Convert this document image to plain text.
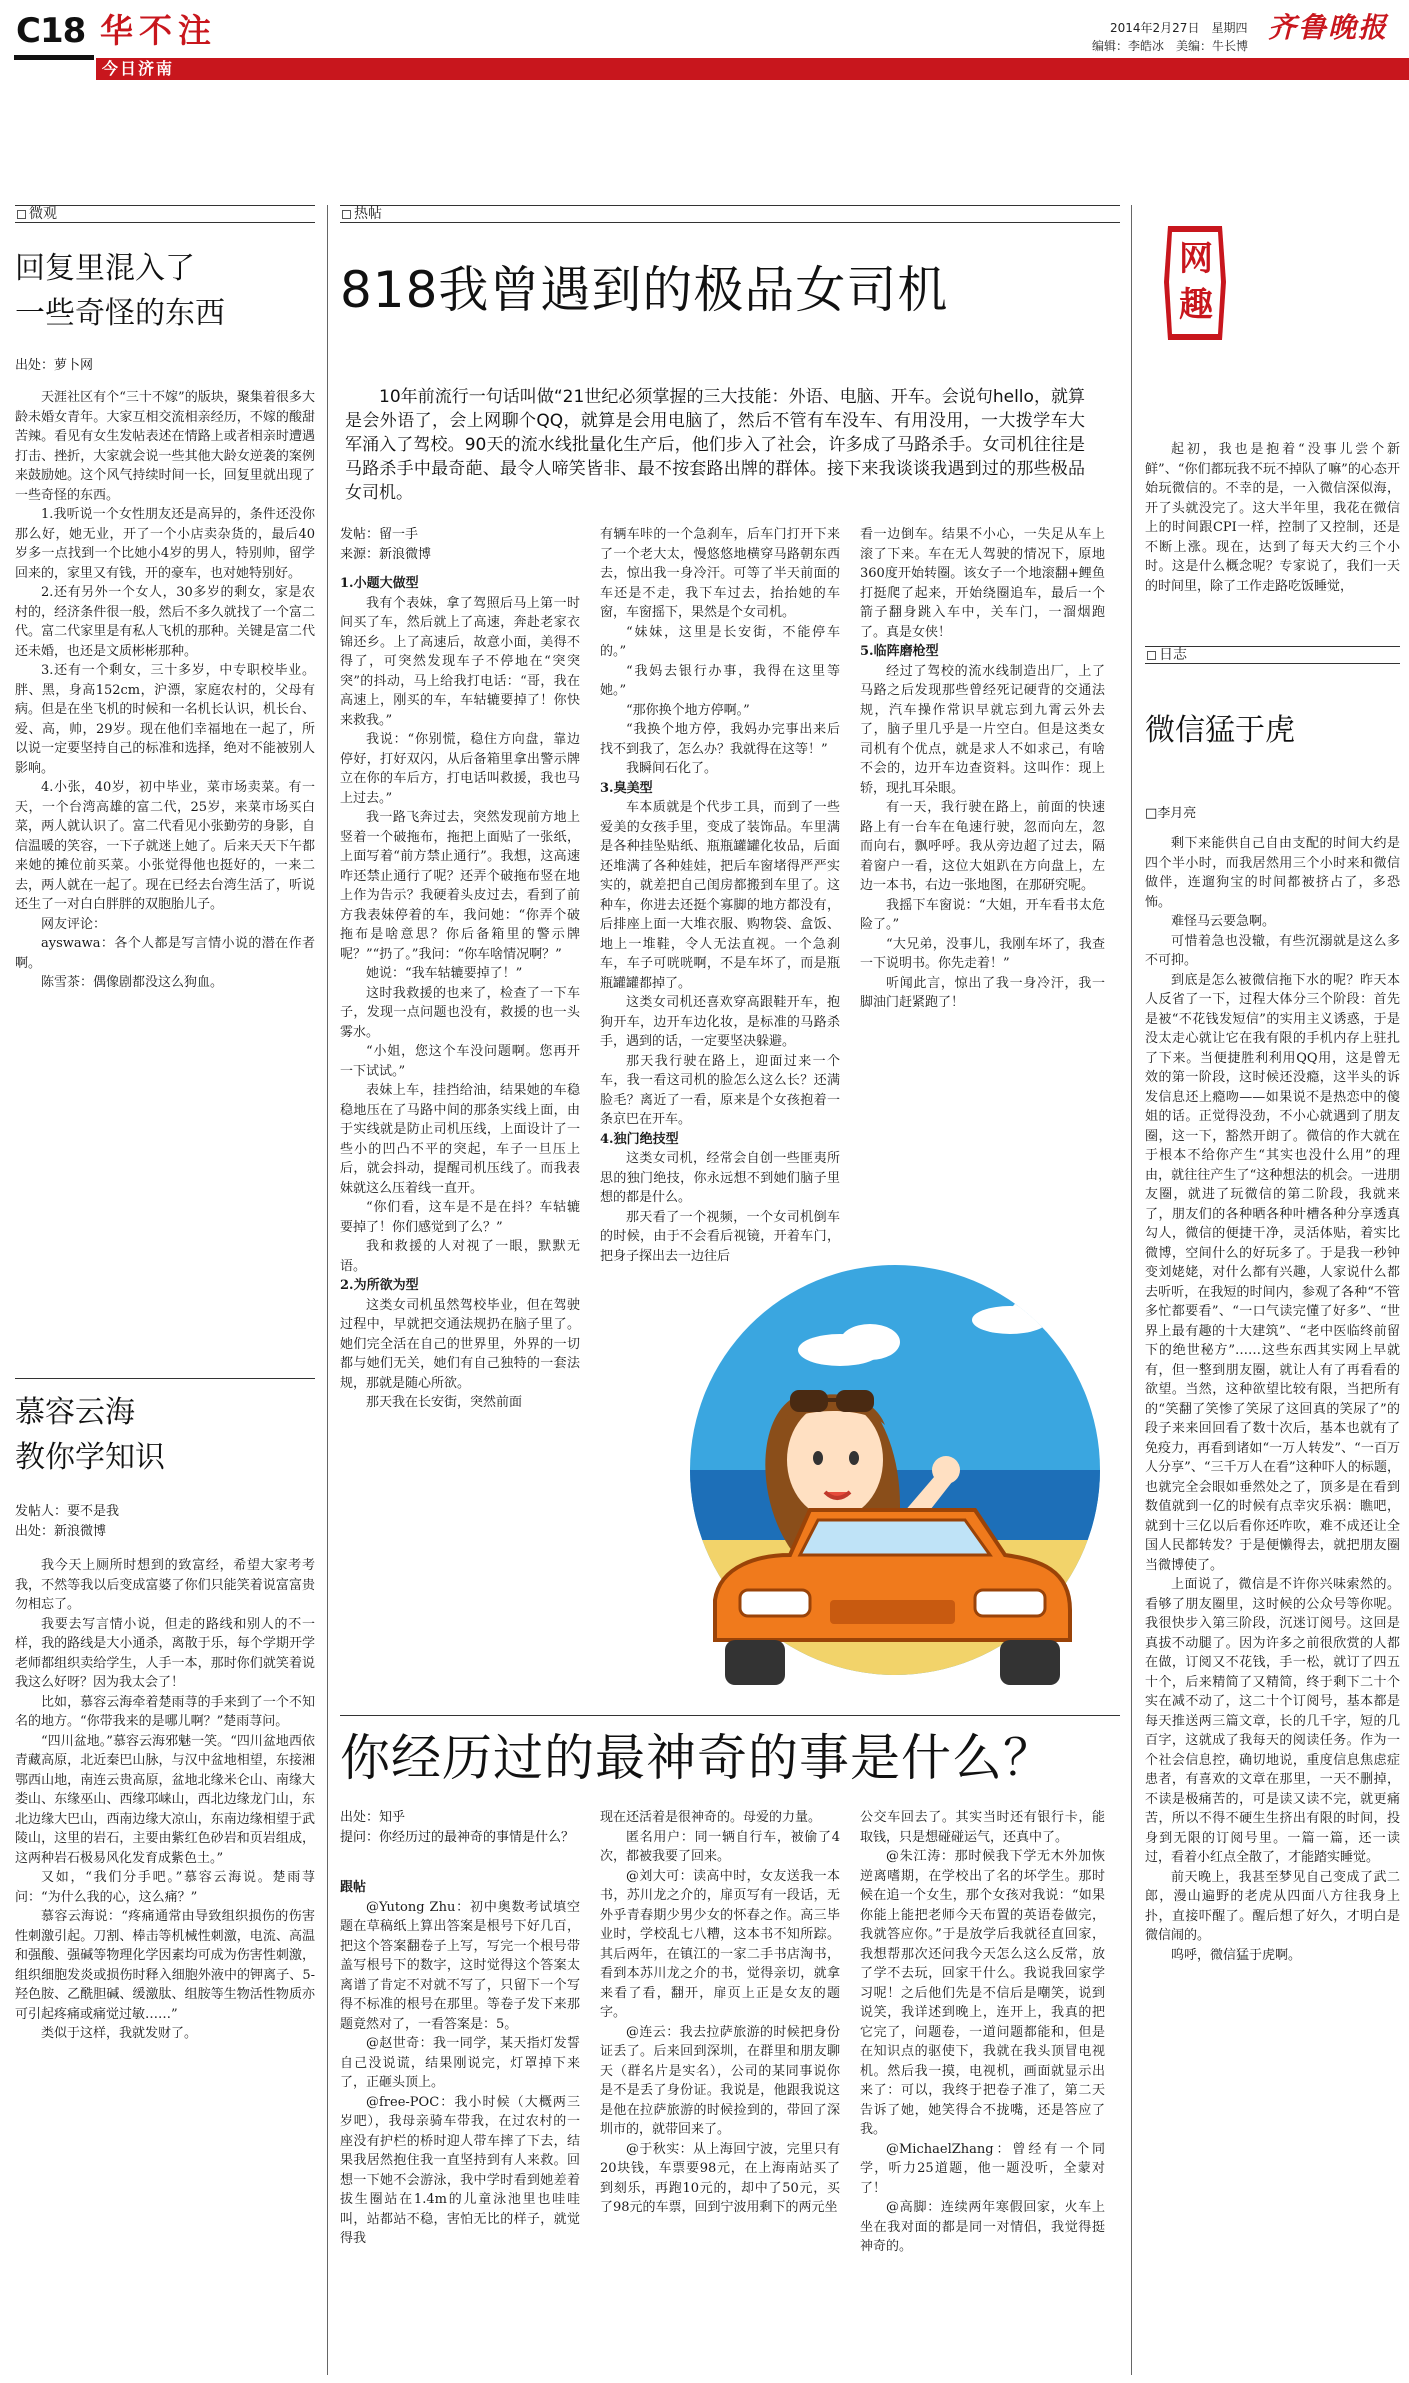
C18 华不注
今日济南
2014年2月27日　星期四
编辑：李皓冰　美编：牛长博
齐鲁晚报
微观
回复里混入了
一些奇怪的东西
出处：萝卜网

天涯社区有个“三十不嫁”的版块，聚集着很多大龄未婚女青年。大家互相交流相亲经历，不嫁的酸甜苦辣。看见有女生发帖表述在情路上或者相亲时遭遇打击、挫折，大家就会说一些其他大龄女逆袭的案例来鼓励她。这个风气持续时间一长，回复里就出现了一些奇怪的东西。

1.我听说一个女性朋友还是高异的，条件还没你那么好，她无业，开了一个小店卖杂货的，最后40岁多一点找到一个比她小4岁的男人，特别帅，留学回来的，家里又有钱，开的豪车，也对她特别好。

2.还有另外一个女人，30多岁的剩女，家是农村的，经济条件很一般，然后不多久就找了一个富二代。富二代家里是有私人飞机的那种。关键是富二代还未婚，也还是文质彬彬那种。

3.还有一个剩女，三十多岁，中专职校毕业。胖、黑，身高152cm，沪漂，家庭农村的，父母有病。但是在坐飞机的时候和一名机长认识，机长台、爱、高，帅，29岁。现在他们幸福地在一起了，所以说一定要坚持自己的标准和选择，绝对不能被别人影响。

4.小张，40岁，初中毕业，菜市场卖菜。有一天，一个台湾高雄的富二代，25岁，来菜市场买白菜，两人就认识了。富二代看见小张勤劳的身影，自信温暖的笑容，一下子就迷上她了。后来天天下午都来她的摊位前买菜。小张觉得他也挺好的，一来二去，两人就在一起了。现在已经去台湾生活了，听说还生了一对白白胖胖的双胞胎儿子。

网友评论：

ayswawa：各个人都是写言情小说的潜在作者啊。

陈雪茶：偶像剧都没这么狗血。

慕容云海
教你学知识
发帖人：要不是我
出处：新浪微博

我今天上厕所时想到的致富经，希望大家考考我，不然等我以后变成富婆了你们只能笑着说富富贵勿相忘了。

我要去写言情小说，但走的路线和别人的不一样，我的路线是大小通杀，离散于乐，每个学期开学老师都组织卖给学生，人手一本，那时你们就笑着说我这么好呀？因为我太会了！

比如，慕容云海牵着楚雨荨的手来到了一个不知名的地方。“你带我来的是哪儿啊？”楚雨荨问。

“四川盆地。”慕容云海邪魅一笑。“四川盆地西依青藏高原，北近秦巴山脉，与汉中盆地相望，东接湘鄂西山地，南连云贵高原，盆地北缘米仑山、南缘大娄山、东缘巫山、西缘邛崃山，西北边缘龙门山，东北边缘大巴山，西南边缘大凉山，东南边缘相望于武陵山，这里的岩石，主要由紫红色砂岩和页岩组成，这两种岩石极易风化发育成紫色土。”

又如，“我们分手吧。”慕容云海说。楚雨荨问：“为什么我的心，这么痛？”

慕容云海说：“疼痛通常由导致组织损伤的伤害性刺激引起。刀割、棒击等机械性刺激，电流、高温和强酸、强碱等物理化学因素均可成为伤害性刺激，组织细胞发炎或损伤时释入细胞外液中的钾离子、5-羟色胺、乙酰胆碱、缓激肽、组胺等生物活性物质亦可引起疼痛或痛觉过敏……”

类似于这样，我就发财了。

热帖
818我曾遇到的极品女司机

10年前流行一句话叫做“21世纪必须掌握的三大技能：外语、电脑、开车。会说句hello，就算是会外语了，会上网聊个QQ，就算是会用电脑了，然后不管有车没车、有用没用，一大拨学车大军涌入了驾校。90天的流水线批量化生产后，他们步入了社会，许多成了马路杀手。女司机往往是马路杀手中最奇葩、最令人啼笑皆非、最不按套路出牌的群体。接下来我谈谈我遇到过的那些极品女司机。

发帖：留一手
来源：新浪微博

1.小题大做型

我有个表妹，拿了驾照后马上第一时间买了车，然后就上了高速，奔赴老家衣锦还乡。上了高速后，故意小面，美得不得了，可突然发现车子不停地在“突突突”的抖动，马上给我打电话：“哥，我在高速上，刚买的车，车轱辘要掉了！你快来救我。”

我说：“你别慌，稳住方向盘，靠边停好，打好双闪，从后备箱里拿出警示牌立在你的车后方，打电话叫救援，我也马上过去。”

我一路飞奔过去，突然发现前方地上竖着一个破拖布，拖把上面贴了一张纸，上面写着“前方禁止通行”。我想，这高速咋还禁止通行了呢？还弄个破拖布竖在地上作为告示？我硬着头皮过去，看到了前方我表妹停着的车，我问她：“你弄个破拖布是啥意思？你后备箱里的警示牌呢？”“扔了。”我问：“你车啥情况啊？”

她说：“我车轱辘要掉了！”

这时我救援的也来了，检查了一下车子，发现一点问题也没有，救援的也一头雾水。

“小姐，您这个车没问题啊。您再开一下试试。”

表妹上车，挂挡给油，结果她的车稳稳地压在了马路中间的那条实线上面，由于实线就是防止司机压线，上面设计了一些小的凹凸不平的突起，车子一旦压上后，就会抖动，提醒司机压线了。而我表妹就这么压着线一直开。

“你们看，这车是不是在抖？车轱辘要掉了！你们感觉到了么？”

我和救援的人对视了一眼，默默无语。

2.为所欲为型

这类女司机虽然驾校毕业，但在驾驶过程中，早就把交通法规扔在脑子里了。她们完全活在自己的世界里，外界的一切都与她们无关，她们有自己独特的一套法规，那就是随心所欲。

那天我在长安街，突然前面

有辆车咔的一个急刹车，后车门打开下来了一个老大太，慢悠悠地横穿马路朝东西去，惊出我一身冷汗。可等了半天前面的车还是不走，我下车过去，抬抬她的车窗，车窗摇下，果然是个女司机。

“妹妹，这里是长安街，不能停车的。”

“我妈去银行办事，我得在这里等她。”

“那你换个地方停啊。”

“我换个地方停，我妈办完事出来后找不到我了，怎么办？我就得在这等！”

我瞬间石化了。

3.臭美型

车本质就是个代步工具，而到了一些爱美的女孩手里，变成了装饰品。车里满是各种挂坠贴纸、瓶瓶罐罐化妆品，后面还堆满了各种娃娃，把后车窗堵得严严实实的，就差把自己闺房都搬到车里了。这种车，你进去还挺个寡脚的地方都没有，后排座上面一大堆衣服、购物袋、盒饭、地上一堆鞋，令人无法直视。一个急刹车，车子可咣咣啊，不是车坏了，而是瓶瓶罐罐都掉了。

这类女司机还喜欢穿高跟鞋开车，抱狗开车，边开车边化妆，是标准的马路杀手，遇到的话，一定要坚决躲避。

那天我行驶在路上，迎面过来一个车，我一看这司机的脸怎么这么长？还满脸毛？离近了一看，原来是个女孩抱着一条京巴在开车。

4.独门绝技型

这类女司机，经常会自创一些匪夷所思的独门绝技，你永远想不到她们脑子里想的都是什么。

那天看了一个视频，一个女司机倒车的时候，由于不会看后视镜，开着车门，把身子探出去一边往后

看一边倒车。结果不小心，一失足从车上滚了下来。车在无人驾驶的情况下，原地360度开始转圈。该女子一个地滚翻+鲤鱼打挺爬了起来，开始绕圈追车，最后一个箭子翻身跳入车中，关车门，一溜烟跑了。真是女侠！

5.临阵磨枪型

经过了驾校的流水线制造出厂，上了马路之后发现那些曾经死记硬背的交通法规，汽车操作常识早就忘到九霄云外去了，脑子里几乎是一片空白。但是这类女司机有个优点，就是求人不如求己，有啥不会的，边开车边查资料。这叫作：现上轿，现扎耳朵眼。

有一天，我行驶在路上，前面的快速路上有一台车在龟速行驶，忽而向左，忽而向右，飘呼呼。我从旁边超了过去，隔着窗户一看，这位大姐趴在方向盘上，左边一本书，右边一张地图，在那研究呢。

我摇下车窗说：“大姐，开车看书太危险了。”

“大兄弟，没事儿，我刚车坏了，我查一下说明书。你先走着！”

听闻此言，惊出了我一身冷汗，我一脚油门赶紧跑了！

你经历过的最神奇的事是什么？
出处：知乎
提问：你经历过的最神奇的事情是什么？

跟帖

@Yutong Zhu：初中奥数考试填空题在草稿纸上算出答案是根号下好几百，把这个答案翻卷子上写，写完一个根号带盖写根号下的数字，这时觉得这个答案太离谱了肯定不对就不写了，只留下一个写得不标准的根号在那里。等卷子发下来那题竟然对了，一看答案是：5。

@赵世奇：我一同学，某天指灯发誓自己没说谎，结果刚说完，灯罩掉下来了，正砸头顶上。

@free-POC：我小时候（大概两三岁吧），我母亲骑车带我，在过农村的一座没有护栏的桥时迎人带车摔了下去，结果我居然抱住我一直坚持到有人来救。回想一下她不会游泳，我中学时看到她差着拔生圈站在1.4m的儿童泳池里也哇哇叫，站都站不稳，害怕无比的样子，就觉得我

现在还活着是很神奇的。母爱的力量。

匿名用户：同一辆自行车，被偷了4次，都被我要了回来。

@刘大可：读高中时，女友送我一本书，苏川龙之介的，扉页写有一段话，无外乎青春期少男少女的怀春之作。高三毕业时，学校乱七八糟，这本书不知所踪。其后两年，在镇江的一家二手书店淘书，看到本苏川龙之介的书，觉得亲切，就拿来看了看，翻开，扉页上正是女友的题字。

@连云：我去拉萨旅游的时候把身份证丢了。后来回到深圳，在群里和朋友聊天（群名片是实名），公司的某同事说你是不是丢了身份证。我说是，他跟我说这是他在拉萨旅游的时候捡到的，带回了深圳市的，就带回来了。

@于秋实：从上海回宁波，完里只有20块钱，车票要98元，在上海南站买了到刻乐，再跑10元的，却中了50元，买了98元的车票，回到宁波用剩下的两元坐

公交车回去了。其实当时还有银行卡，能取钱，只是想碰碰运气，还真中了。

@朱江涛：那时候我下学无木外加恢逆离嗜期，在学校出了名的坏学生。那时候在追一个女生，那个女孩对我说：“如果你能上能把老师今天布置的英语卷做完，我就答应你。”于是放学后我就径直回家，我想帮那次还问我今天怎么这么反常，放了学不去玩，回家干什么。我说我回家学习呢！之后他们先是不信后是嘲笑，说到说笑，我详述到晚上，连开上，我真的把它完了，问题卷，一道问题都能和，但是在知识点的驱使下，我就在我头顶冒电视机。然后我一摸，电视机，画面就显示出来了：可以，我终于把卷子准了，第二天告诉了她，她笑得合不拢嘴，还是答应了我。

@MichaelZhang：曾经有一个同学，听力25道题，他一题没听，全蒙对了！

@高脚：连续两年寒假回家，火车上坐在我对面的都是同一对情侣，我觉得挺神奇的。

网趣

起初，我也是抱着“没事儿尝个新鲜”、“你们都玩我不玩不掉队了嘛”的心态开始玩微信的。不幸的是，一入微信深似海，开了头就没完了。这大半年里，我花在微信上的时间跟CPI一样，控制了又控制，还是不断上涨。现在，达到了每天大约三个小时。这是什么概念呢？专家说了，我们一天的时间里，除了工作走路吃饭睡觉，

日志
微信猛于虎
□李月亮

剩下来能供自己自由支配的时间大约是四个半小时，而我居然用三个小时来和微信做伴，连遛狗宝的时间都被挤占了，多恐怖。

难怪马云要急啊。

可惜着急也没辙，有些沉溺就是这么多不可抑。

到底是怎么被微信拖下水的呢？昨天本人反省了一下，过程大体分三个阶段：首先是被“不花钱发短信”的实用主义诱惑，于是没太走心就让它在我有限的手机内存上驻扎了下来。当便捷胜利利用QQ用，这是曾无效的第一阶段，这时候还没瘾，这半头的诉发信息还上瘾吻——如果说不是热恋中的傻姐的话。正觉得没劲，不小心就遇到了朋友圈，这一下，豁然开朗了。微信的作大就在于根本不给你产生“其实也没什么用”的理由，就往往产生了“这种想法的机会。一进朋友圈，就进了玩微信的第二阶段，我就来了，朋友们的各种晒各种叶槽各种分享透真勾人，微信的便捷干净，灵活体贴，着实比微博，空间什么的好玩多了。于是我一秒钟变刘姥姥，对什么都有兴趣，人家说什么都去听听，在我短的时间内，参观了各种“不管多忙都要看”、“一口气读完懂了好多”、“世界上最有趣的十大建筑”、“老中医临终前留下的绝世秘方”……这些东西其实网上早就有，但一整到朋友圈，就让人有了再看看的欲望。当然，这种欲望比较有限，当把所有的“笑翻了笑惨了笑尿了这回真的笑尿了”的段子来来回回看了数十次后，基本也就有了免疫力，再看到诸如“一万人转发”、“一百万人分享”、“三千万人在看”这种吓人的标题，也就完全会眼如垂然处之了，顶多是在看到数值就到一亿的时候有点幸灾乐祸：瞧吧，就到十三亿以后看你还咋吹，难不成还让全国人民都转发？于是便懒得去，就把朋友圈当微博使了。

上面说了，微信是不许你兴味索然的。看够了朋友圈里，这时候的公众号等你呢。我很快步入第三阶段，沉迷订阅号。这回是真拔不动腿了。因为许多之前很欣赏的人都在做，订阅又不花钱，手一松，就订了四五十个，后来精简了又精简，终于剩下二十个实在减不动了，这二十个订阅号，基本都是每天推送两三篇文章，长的几千字，短的几百字，这就成了我每天的阅读任务。作为一个社会信息控，确切地说，重度信息焦虑症患者，有喜欢的文章在那里，一天不删掉，不读是极痛苦的，可是读又读不完，就更痛苦，所以不得不硬生生挤出有限的时间，投身到无限的订阅号里。一篇一篇，还一读过，看着小红点全散了，才能踏实睡觉。

前天晚上，我甚至梦见自己变成了武二郎，漫山遍野的老虎从四面八方往我身上扑，直接吓醒了。醒后想了好久，才明白是微信闹的。

呜呼，微信猛于虎啊。
